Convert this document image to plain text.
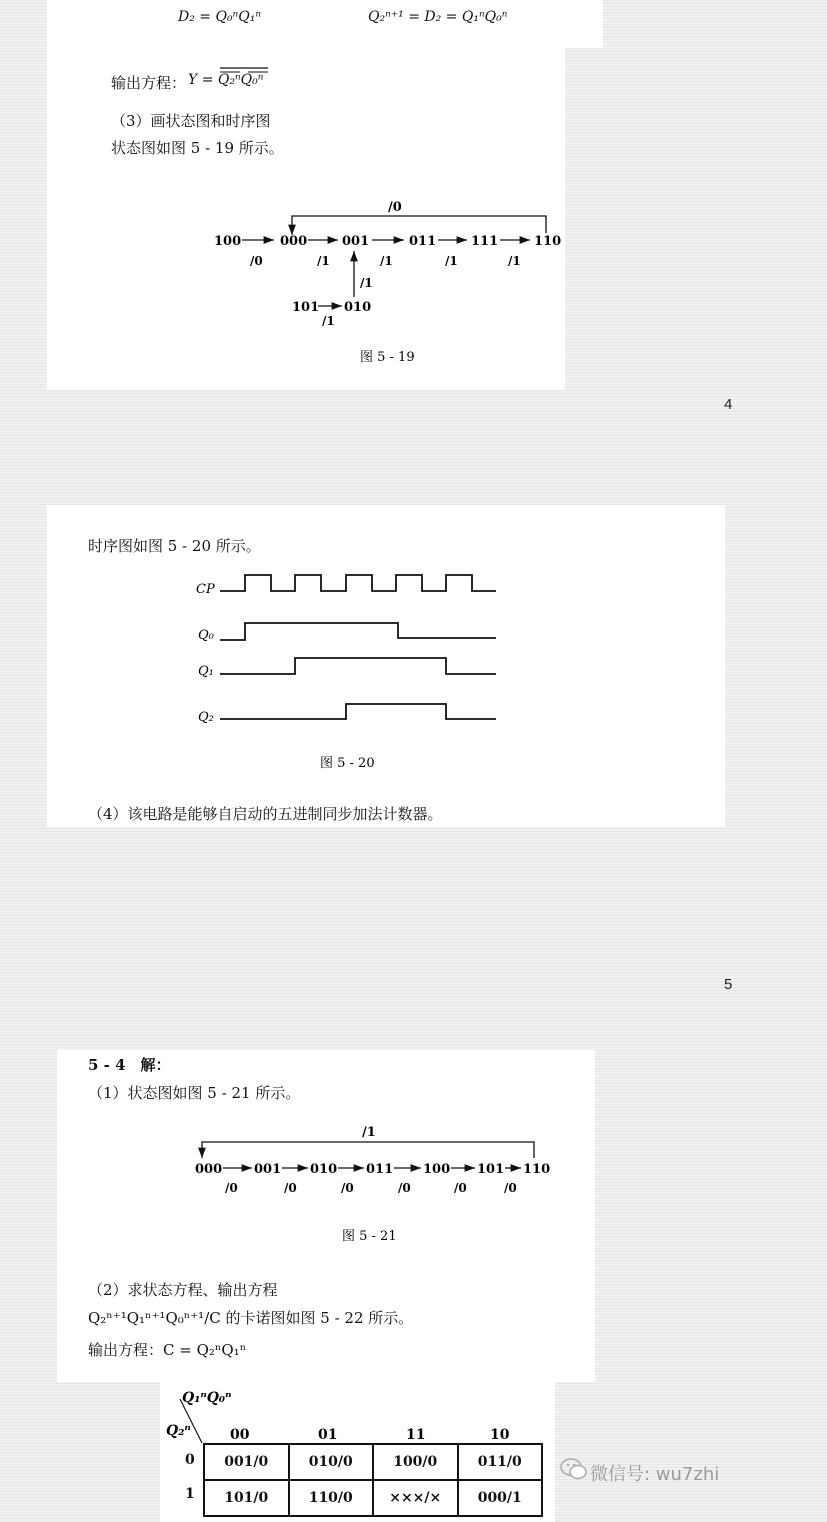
D₂ = Q₀ⁿQ₁ⁿ	Q₂ⁿ⁺¹ = D₂ = Q₁ⁿQ₀ⁿ
输出方程： Y = Q₂ⁿQ₀ⁿ
（3）画状态图和时序图
状态图如图 5 - 19 所示。
/0
100	000	001	011	111	110
101 010
/0	/1	/1	/1	/1
/1
/1
图 5 - 19
4
时序图如图 5 - 20 所示。
CP
Q₀
Q₁
Q₂
图 5 - 20
（4）该电路是能够自启动的五进制同步加法计数器。
5
5 - 4　解：
（1）状态图如图 5 - 21 所示。
/1
000 001 010 011 100 101 110
/0	/0	/0	/0	/0	/0
图 5 - 21
（2）求状态方程、输出方程
Q₂ⁿ⁺¹Q₁ⁿ⁺¹Q₀ⁿ⁺¹/C 的卡诺图如图 5 - 22 所示。
输出方程：C = Q₂ⁿQ₁ⁿ
Q₁ⁿQ₀ⁿ
Q₂ⁿ	00	01	11	10
0
1
001/0	010/0	100/0	011/0
101/0	110/0	×××/×	000/1
微信号: wu7zhi
